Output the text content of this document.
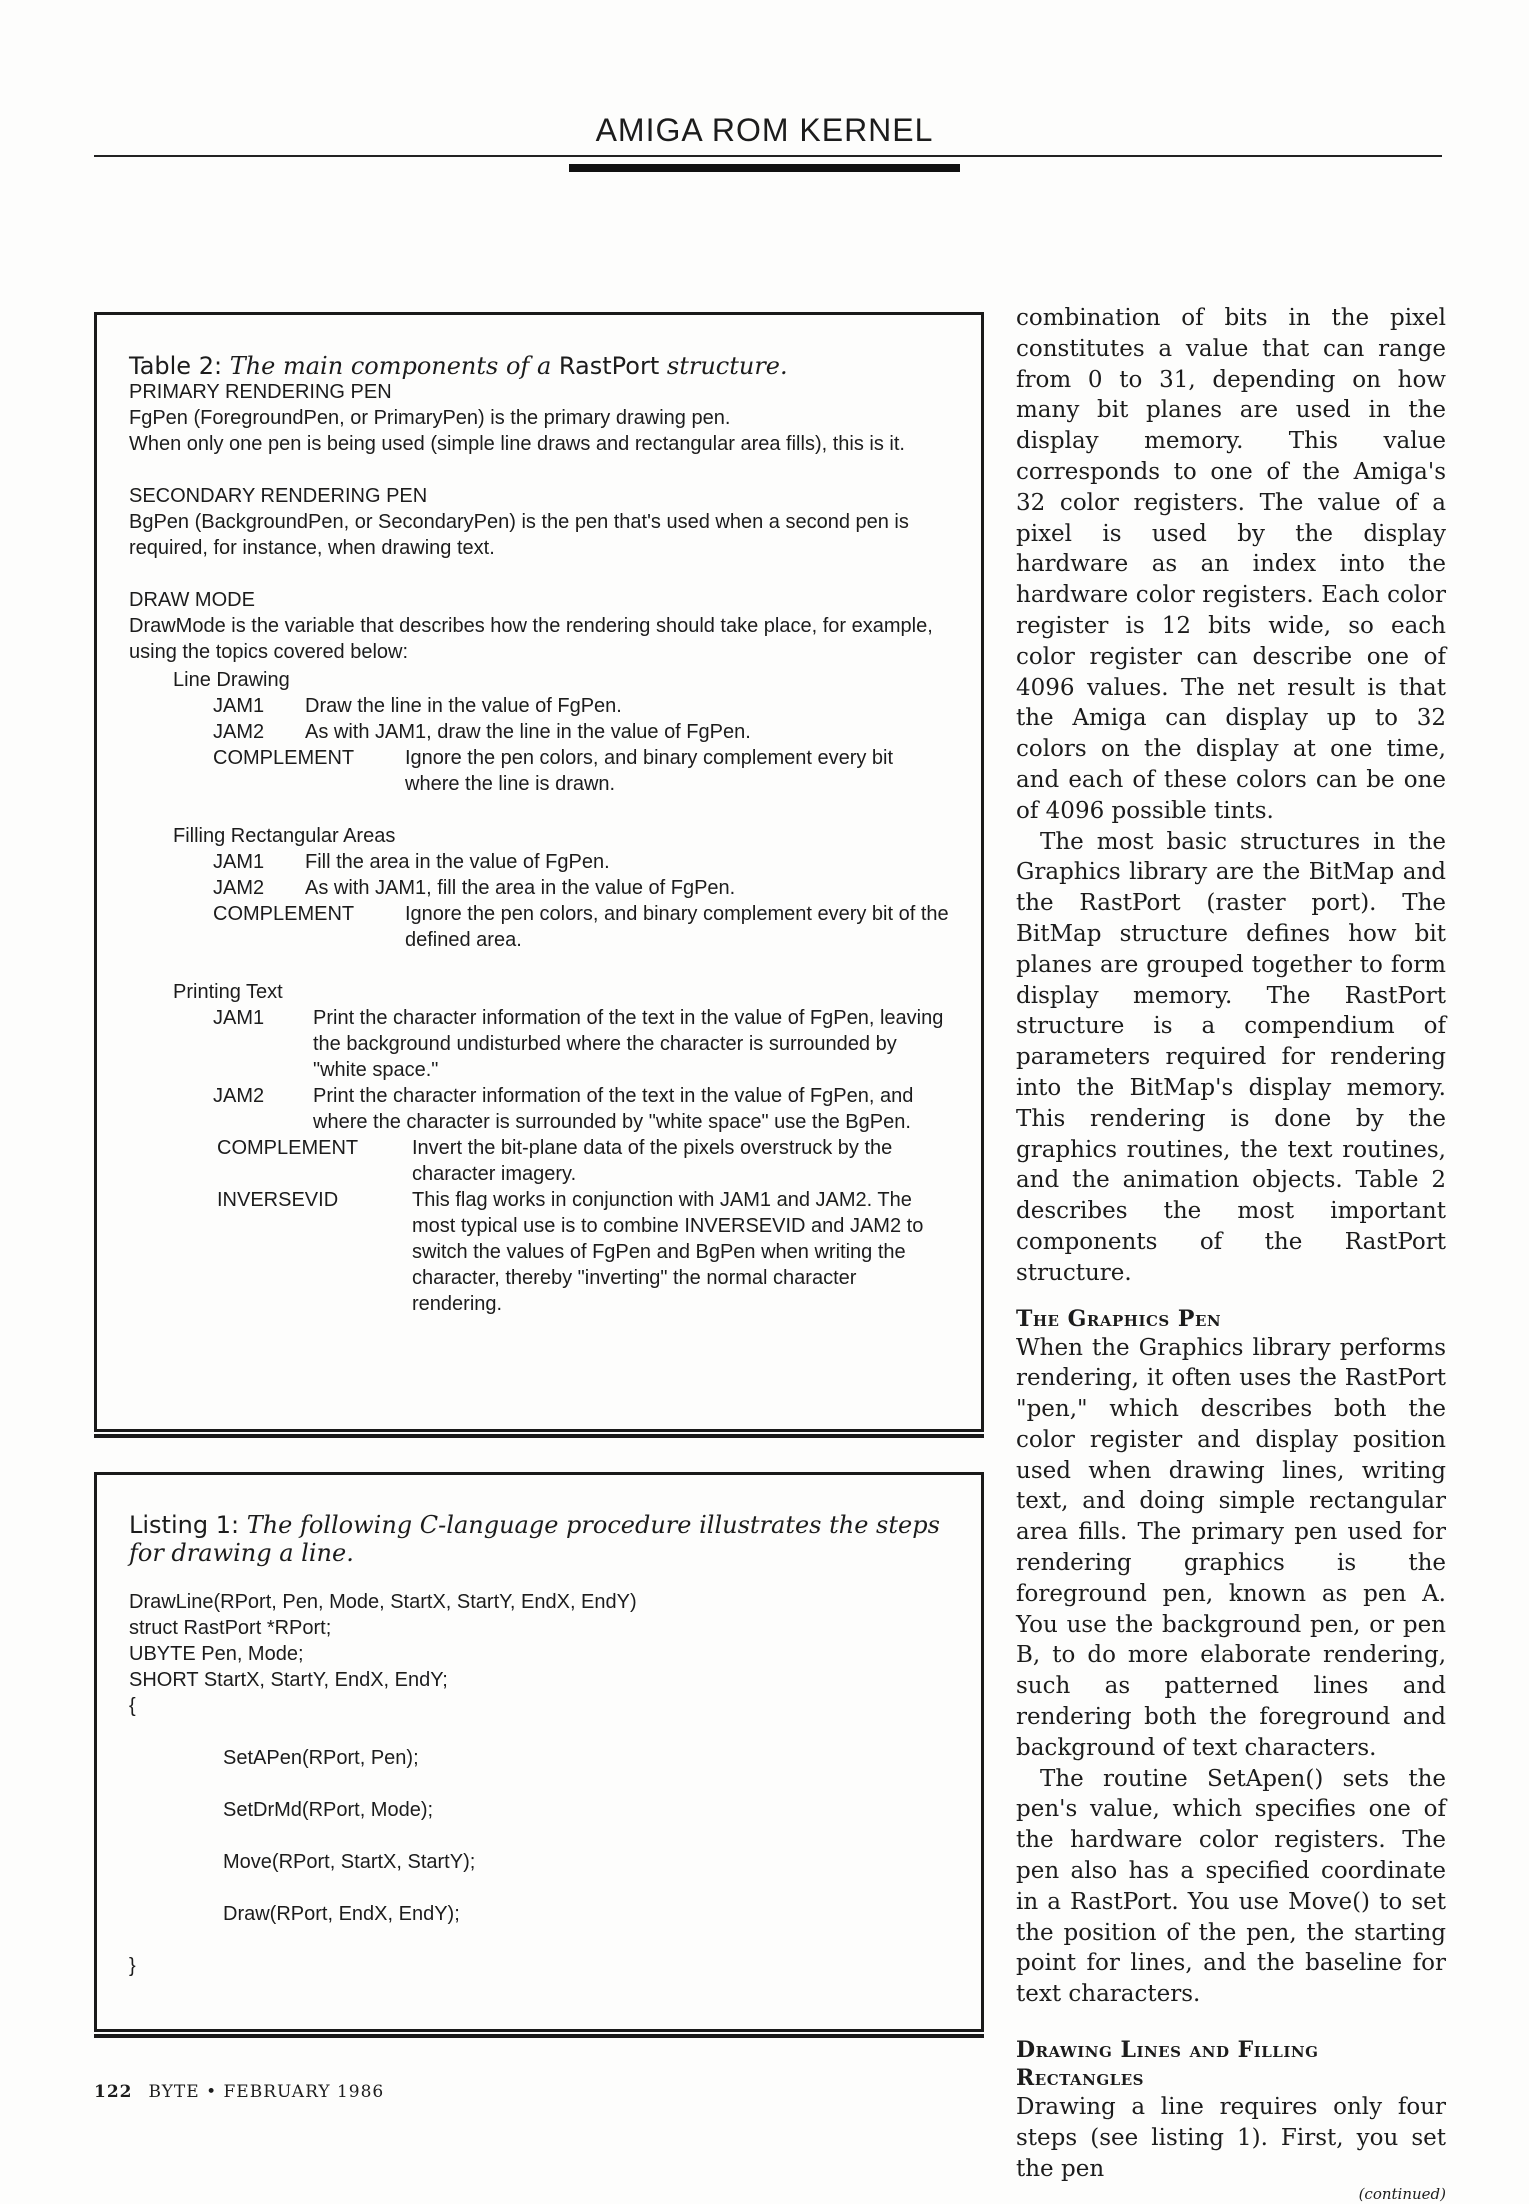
AMIGA ROM KERNEL

Table 2: The main components of a RastPort structure.

PRIMARY RENDERING PEN

FgPen (ForegroundPen, or PrimaryPen) is the primary drawing pen.

When only one pen is being used (simple line draws and rectangular area fills), this is it.

SECONDARY RENDERING PEN

BgPen (BackgroundPen, or SecondaryPen) is the pen that's used when a second pen is required, for instance, when drawing text.

DRAW MODE

DrawMode is the variable that describes how the rendering should take place, for example, using the topics covered below:

Line Drawing

JAM1	Draw the line in the value of FgPen.
JAM2	As with JAM1, draw the line in the value of FgPen.
COMPLEMENT	Ignore the pen colors, and binary complement every bit where the line is drawn.

Filling Rectangular Areas

JAM1	Fill the area in the value of FgPen.
JAM2	As with JAM1, fill the area in the value of FgPen.
COMPLEMENT	Ignore the pen colors, and binary complement every bit of the defined area.

Printing Text

JAM1	Print the character information of the text in the value of FgPen, leaving the background undisturbed where the character is surrounded by "white space."
JAM2	Print the character information of the text in the value of FgPen, and where the character is surrounded by "white space" use the BgPen.
COMPLEMENT	Invert the bit-plane data of the pixels overstruck by the character imagery.
INVERSEVID	This flag works in conjunction with JAM1 and JAM2. The most typical use is to combine INVERSEVID and JAM2 to switch the values of FgPen and BgPen when writing the character, thereby "inverting" the normal character rendering.

Listing 1: The following C-language procedure illustrates the steps for drawing a line.

DrawLine(RPort, Pen, Mode, StartX, StartY, EndX, EndY)
struct RastPort *RPort;
UBYTE Pen, Mode;
SHORT StartX, StartY, EndX, EndY;
{
SetAPen(RPort, Pen);
SetDrMd(RPort, Mode);
Move(RPort, StartX, StartY);
Draw(RPort, EndX, EndY);
}

combination of bits in the pixel constitutes a value that can range from 0 to 31, depending on how many bit planes are used in the display memory. This value corresponds to one of the Amiga's 32 color registers. The value of a pixel is used by the display hardware as an index into the hardware color registers. Each color register is 12 bits wide, so each color register can describe one of 4096 values. The net result is that the Amiga can display up to 32 colors on the display at one time, and each of these colors can be one of 4096 possible tints.

The most basic structures in the Graphics library are the BitMap and the RastPort (raster port). The BitMap structure defines how bit planes are grouped together to form display memory. The RastPort structure is a compendium of parameters required for rendering into the BitMap's display memory. This rendering is done by the graphics routines, the text routines, and the animation objects. Table 2 describes the most important components of the RastPort structure.

The Graphics Pen

When the Graphics library performs rendering, it often uses the RastPort "pen," which describes both the color register and display position used when drawing lines, writing text, and doing simple rectangular area fills. The primary pen used for rendering graphics is the foreground pen, known as pen A. You use the background pen, or pen B, to do more elaborate rendering, such as patterned lines and rendering both the foreground and background of text characters.

The routine SetApen() sets the pen's value, which specifies one of the hardware color registers. The pen also has a specified coordinate in a RastPort. You use Move() to set the position of the pen, the starting point for lines, and the baseline for text characters.

Drawing Lines and Filling
Rectangles

Drawing a line requires only four steps (see listing 1). First, you set the pen

(continued)

122 BYTE • FEBRUARY 1986
